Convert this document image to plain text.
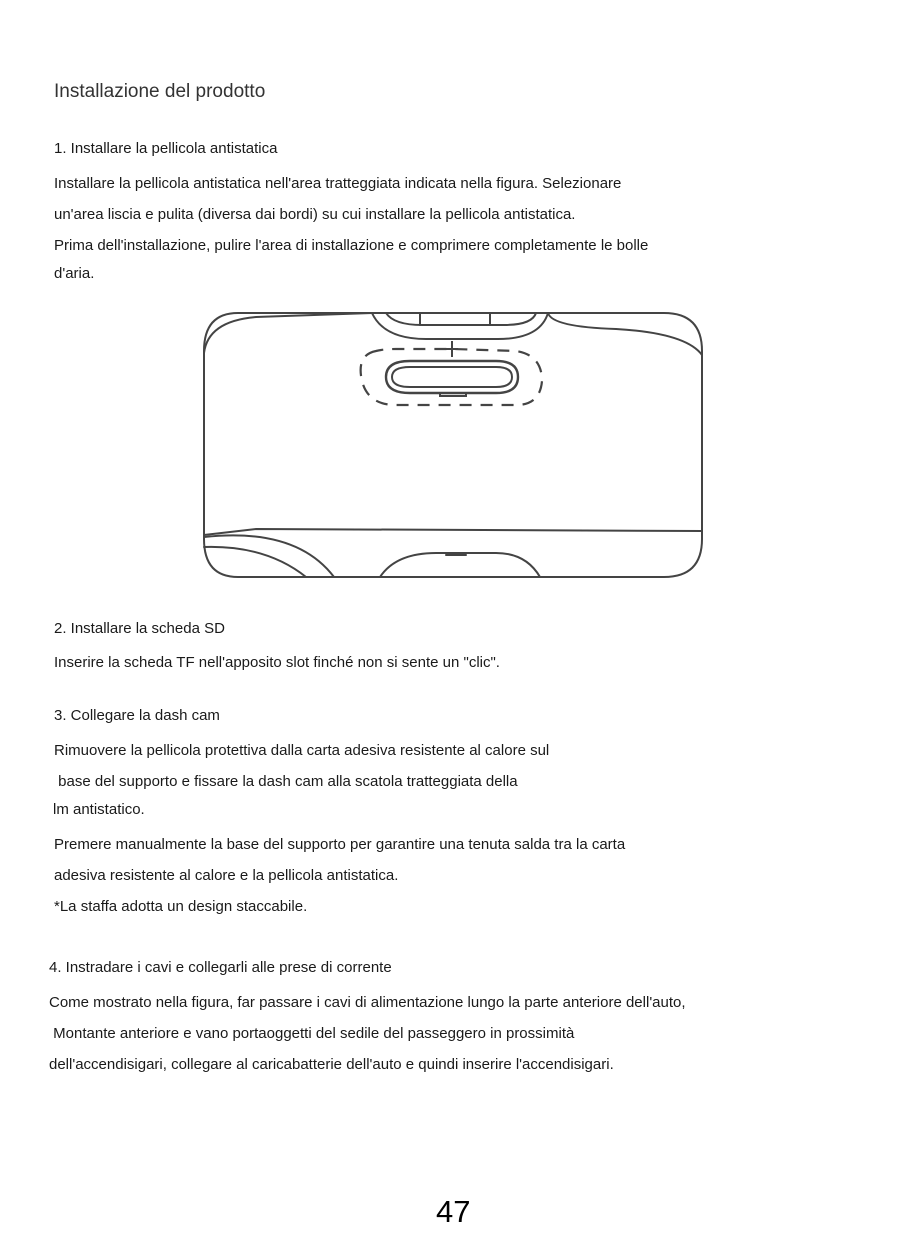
Installazione del prodotto
1. Installare la pellicola antistatica
Installare la pellicola antistatica nell'area tratteggiata indicata nella figura. Selezionare
un'area liscia e pulita (diversa dai bordi) su cui installare la pellicola antistatica.
Prima dell'installazione, pulire l'area di installazione e comprimere completamente le bolle
d'aria.
2. Installare la scheda SD
Inserire la scheda TF nell'apposito slot finché non si sente un "clic".
3. Collegare la dash cam
Rimuovere la pellicola protettiva dalla carta adesiva resistente al calore sul
base del supporto e fissare la dash cam alla scatola tratteggiata della
lm antistatico.
Premere manualmente la base del supporto per garantire una tenuta salda tra la carta
adesiva resistente al calore e la pellicola antistatica.
*La staffa adotta un design staccabile.
4. Instradare i cavi e collegarli alle prese di corrente
Come mostrato nella figura, far passare i cavi di alimentazione lungo la parte anteriore dell'auto,
Montante anteriore e vano portaoggetti del sedile del passeggero in prossimità
dell'accendisigari, collegare al caricabatterie dell'auto e quindi inserire l'accendisigari.
47
